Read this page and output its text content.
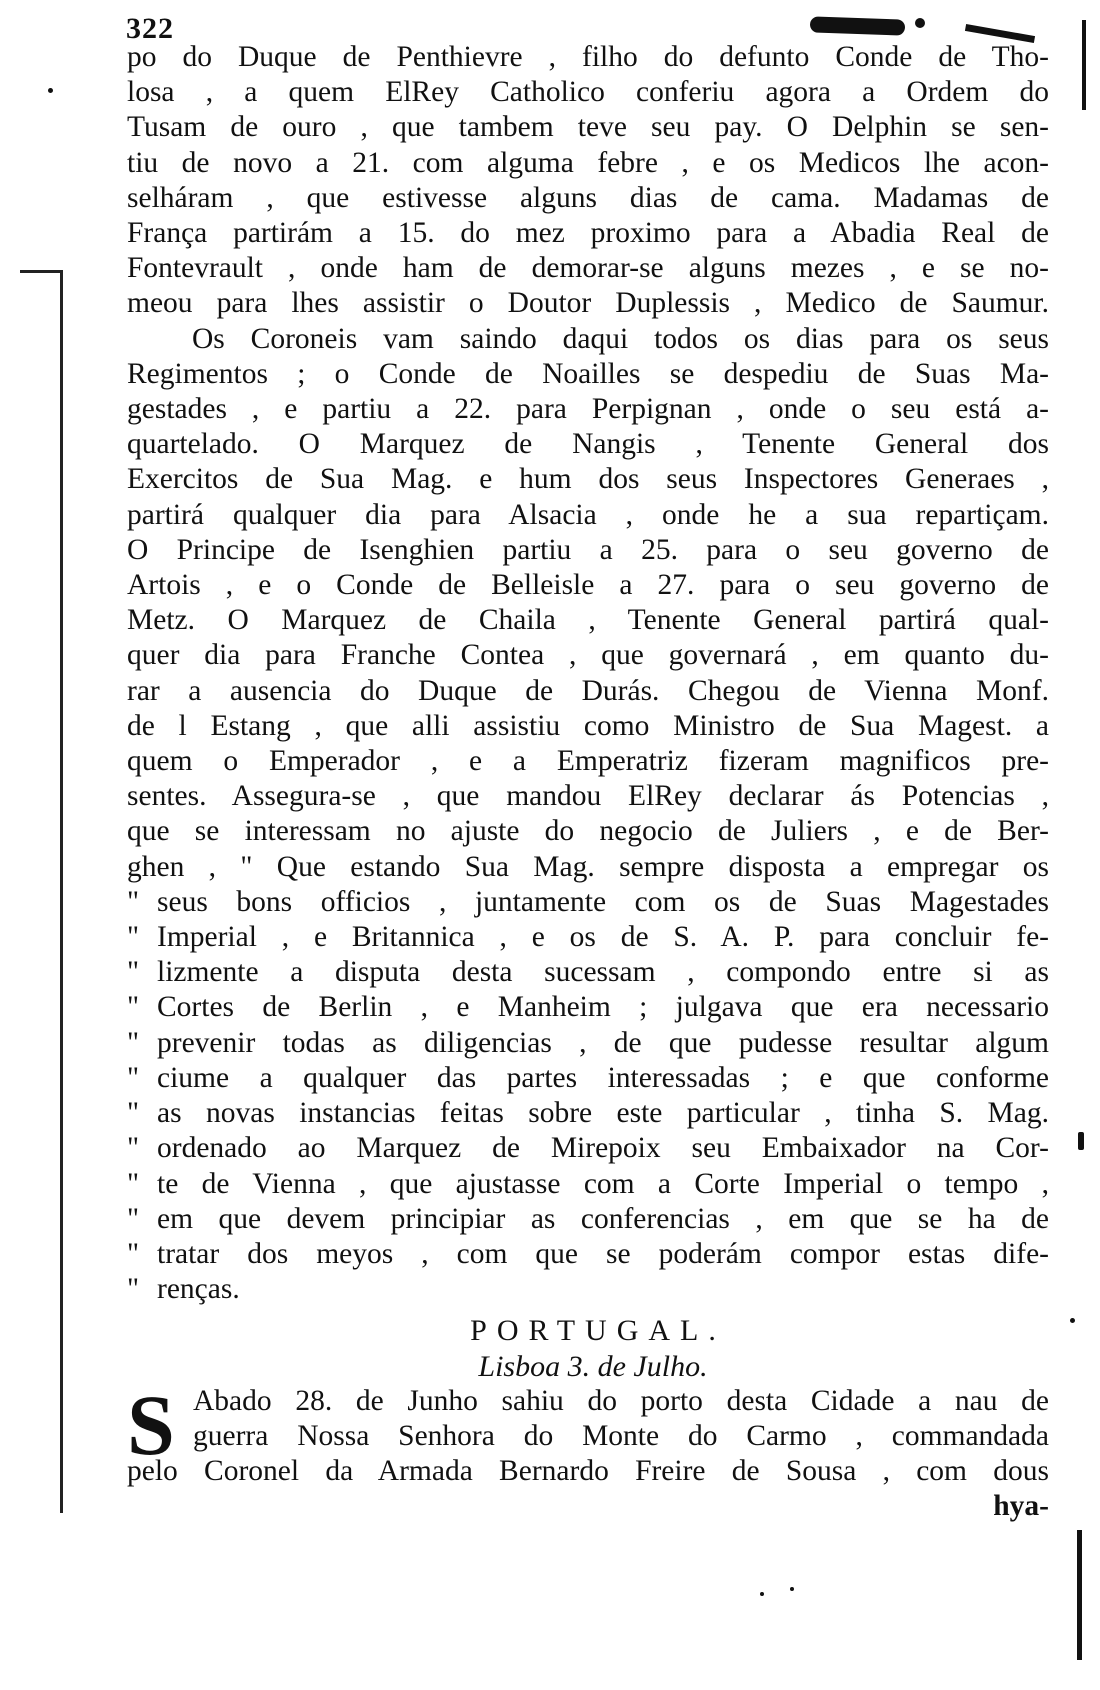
322
po do Duque de Penthievre , filho do defunto Conde de Tho-
losa , a quem ElRey Catholico conferiu agora a Ordem do
Tusam de ouro , que tambem teve seu pay. O Delphin se sen-
tiu de novo a 21. com alguma febre , e os Medicos lhe acon-
selháram , que estivesse alguns dias de cama. Madamas de
França partirám a 15. do mez proximo para a Abadia Real de
Fontevrault , onde ham de demorar-se alguns mezes , e se no-
meou para lhes assistir o Doutor Duplessis , Medico de Saumur.
Os Coroneis vam saindo daqui todos os dias para os seus
Regimentos ; o Conde de Noailles se despediu de Suas Ma-
gestades , e partiu a 22. para Perpignan , onde o seu está a-
quartelado. O Marquez de Nangis , Tenente General dos
Exercitos de Sua Mag. e hum dos seus Inspectores Generaes ,
partirá qualquer dia para Alsacia , onde he a sua repartiçam.
O Principe de Isenghien partiu a 25. para o seu governo de
Artois , e o Conde de Belleisle a 27. para o seu governo de
Metz. O Marquez de Chaila , Tenente General partirá qual-
quer dia para Franche Contea , que governará , em quanto du-
rar a ausencia do Duque de Durás. Chegou de Vienna Monf.
de l Estang , que alli assistiu como Ministro de Sua Magest. a
quem o Emperador , e a Emperatriz fizeram magnificos pre-
sentes. Assegura-se , que mandou ElRey declarar ás Potencias ,
que se interessam no ajuste do negocio de Juliers , e de Ber-
ghen , " Que estando Sua Mag. sempre disposta a empregar os
" seus bons officios , juntamente com os de Suas Magestades
" Imperial , e Britannica , e os de S. A. P. para concluir fe-
" lizmente a disputa desta sucessam , compondo entre si as
" Cortes de Berlin , e Manheim ; julgava que era necessario
" prevenir todas as diligencias , de que pudesse resultar algum
" ciume a qualquer das partes interessadas ; e que conforme
" as novas instancias feitas sobre este particular , tinha S. Mag.
" ordenado ao Marquez de Mirepoix seu Embaixador na Cor-
" te de Vienna , que ajustasse com a Corte Imperial o tempo ,
" em que devem principiar as conferencias , em que se ha de
" tratar dos meyos , com que se poderám compor estas dife-
" renças.
PORTUGAL.
Lisboa 3. de Julho.
S Abado 28. de Junho sahiu do porto desta Cidade a nau de
guerra Nossa Senhora do Monte do Carmo , commandada
pelo Coronel da Armada Bernardo Freire de Sousa , com dous
hya-
